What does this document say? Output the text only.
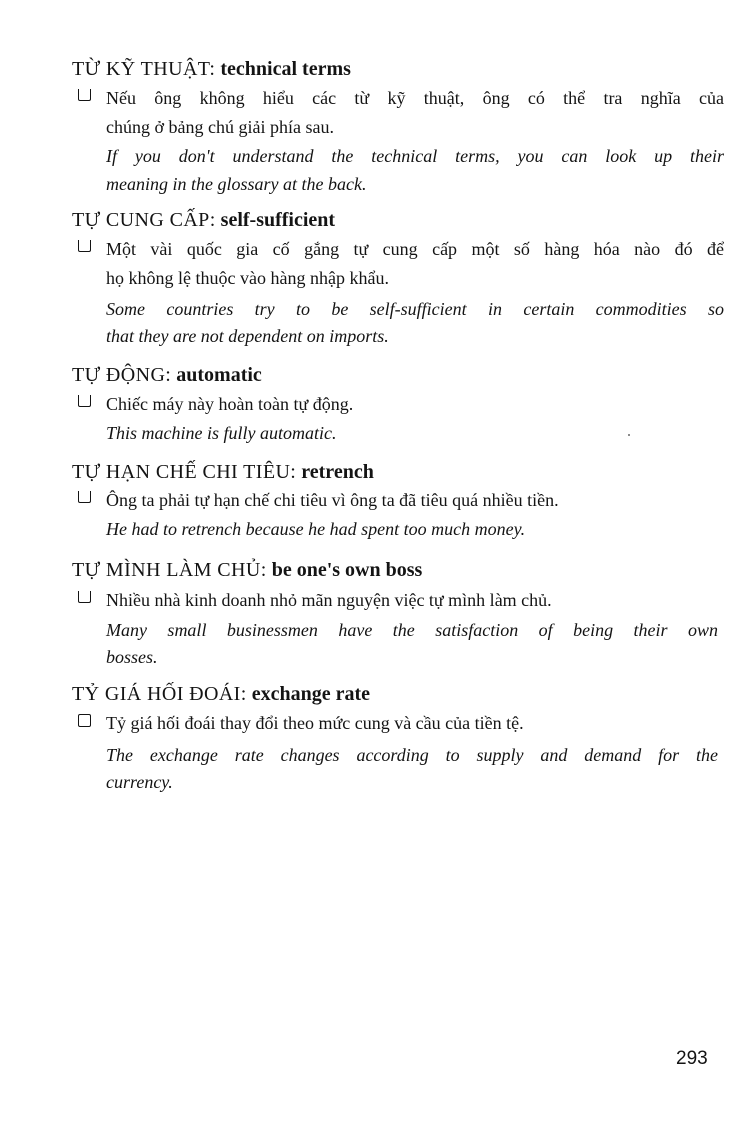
TỪ KỸ THUẬT: technical terms
Nếu ông không hiểu các từ kỹ thuật, ông có thể tra nghĩa của
chúng ở bảng chú giải phía sau.
If you don't understand the technical terms, you can look up their
meaning in the glossary at the back.
TỰ CUNG CẤP: self-sufficient
Một vài quốc gia cố gắng tự cung cấp một số hàng hóa nào đó để
họ không lệ thuộc vào hàng nhập khẩu.
Some countries try to be self-sufficient in certain commodities so
that they are not dependent on imports.
TỰ ĐỘNG: automatic
Chiếc máy này hoàn toàn tự động.
This machine is fully automatic.
TỰ HẠN CHẾ CHI TIÊU: retrench
Ông ta phải tự hạn chế chi tiêu vì ông ta đã tiêu quá nhiều tiền.
He had to retrench because he had spent too much money.
TỰ MÌNH LÀM CHỦ: be one's own boss
Nhiều nhà kinh doanh nhỏ mãn nguyện việc tự mình làm chủ.
Many small businessmen have the satisfaction of being their own
bosses.
TỶ GIÁ HỐI ĐOÁI: exchange rate
Tỷ giá hối đoái thay đổi theo mức cung và cầu của tiền tệ.
The exchange rate changes according to supply and demand for the
currency.
293
